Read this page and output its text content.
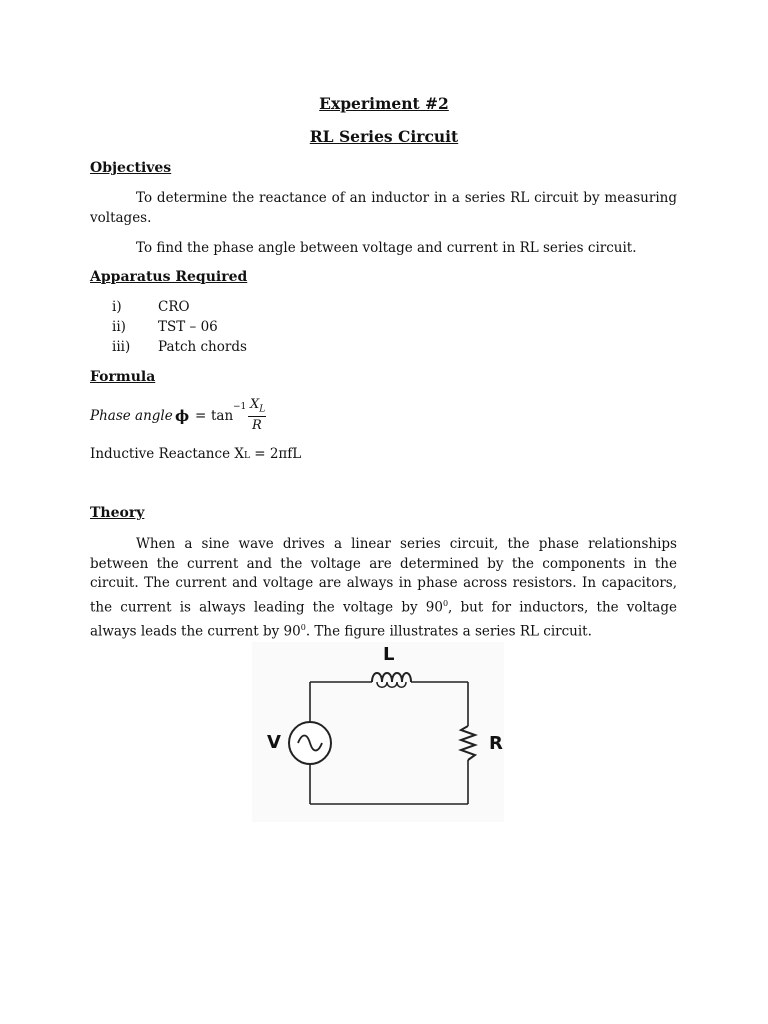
Experiment #2
RL Series Circuit
Objectives
To determine the reactance of an inductor in a series RL circuit by measuring voltages.
To find the phase angle between voltage and current in RL series circuit.
Apparatus Required
i)	CRO
ii) TST – 06
iii) Patch chords
Formula
Phase angle ϕ = tan
−1 $X_L$
R
Inductive Reactance XL = 2πfL
Theory
When a sine wave drives a linear series circuit, the phase relationships between the current and the voltage are determined by the components in the circuit. The current and voltage are always in phase across resistors. In capacitors, the current is always leading the voltage by $90^0$, but for inductors, the voltage always leads the current by $90^0$. The figure illustrates a series RL circuit.
L
V	R
